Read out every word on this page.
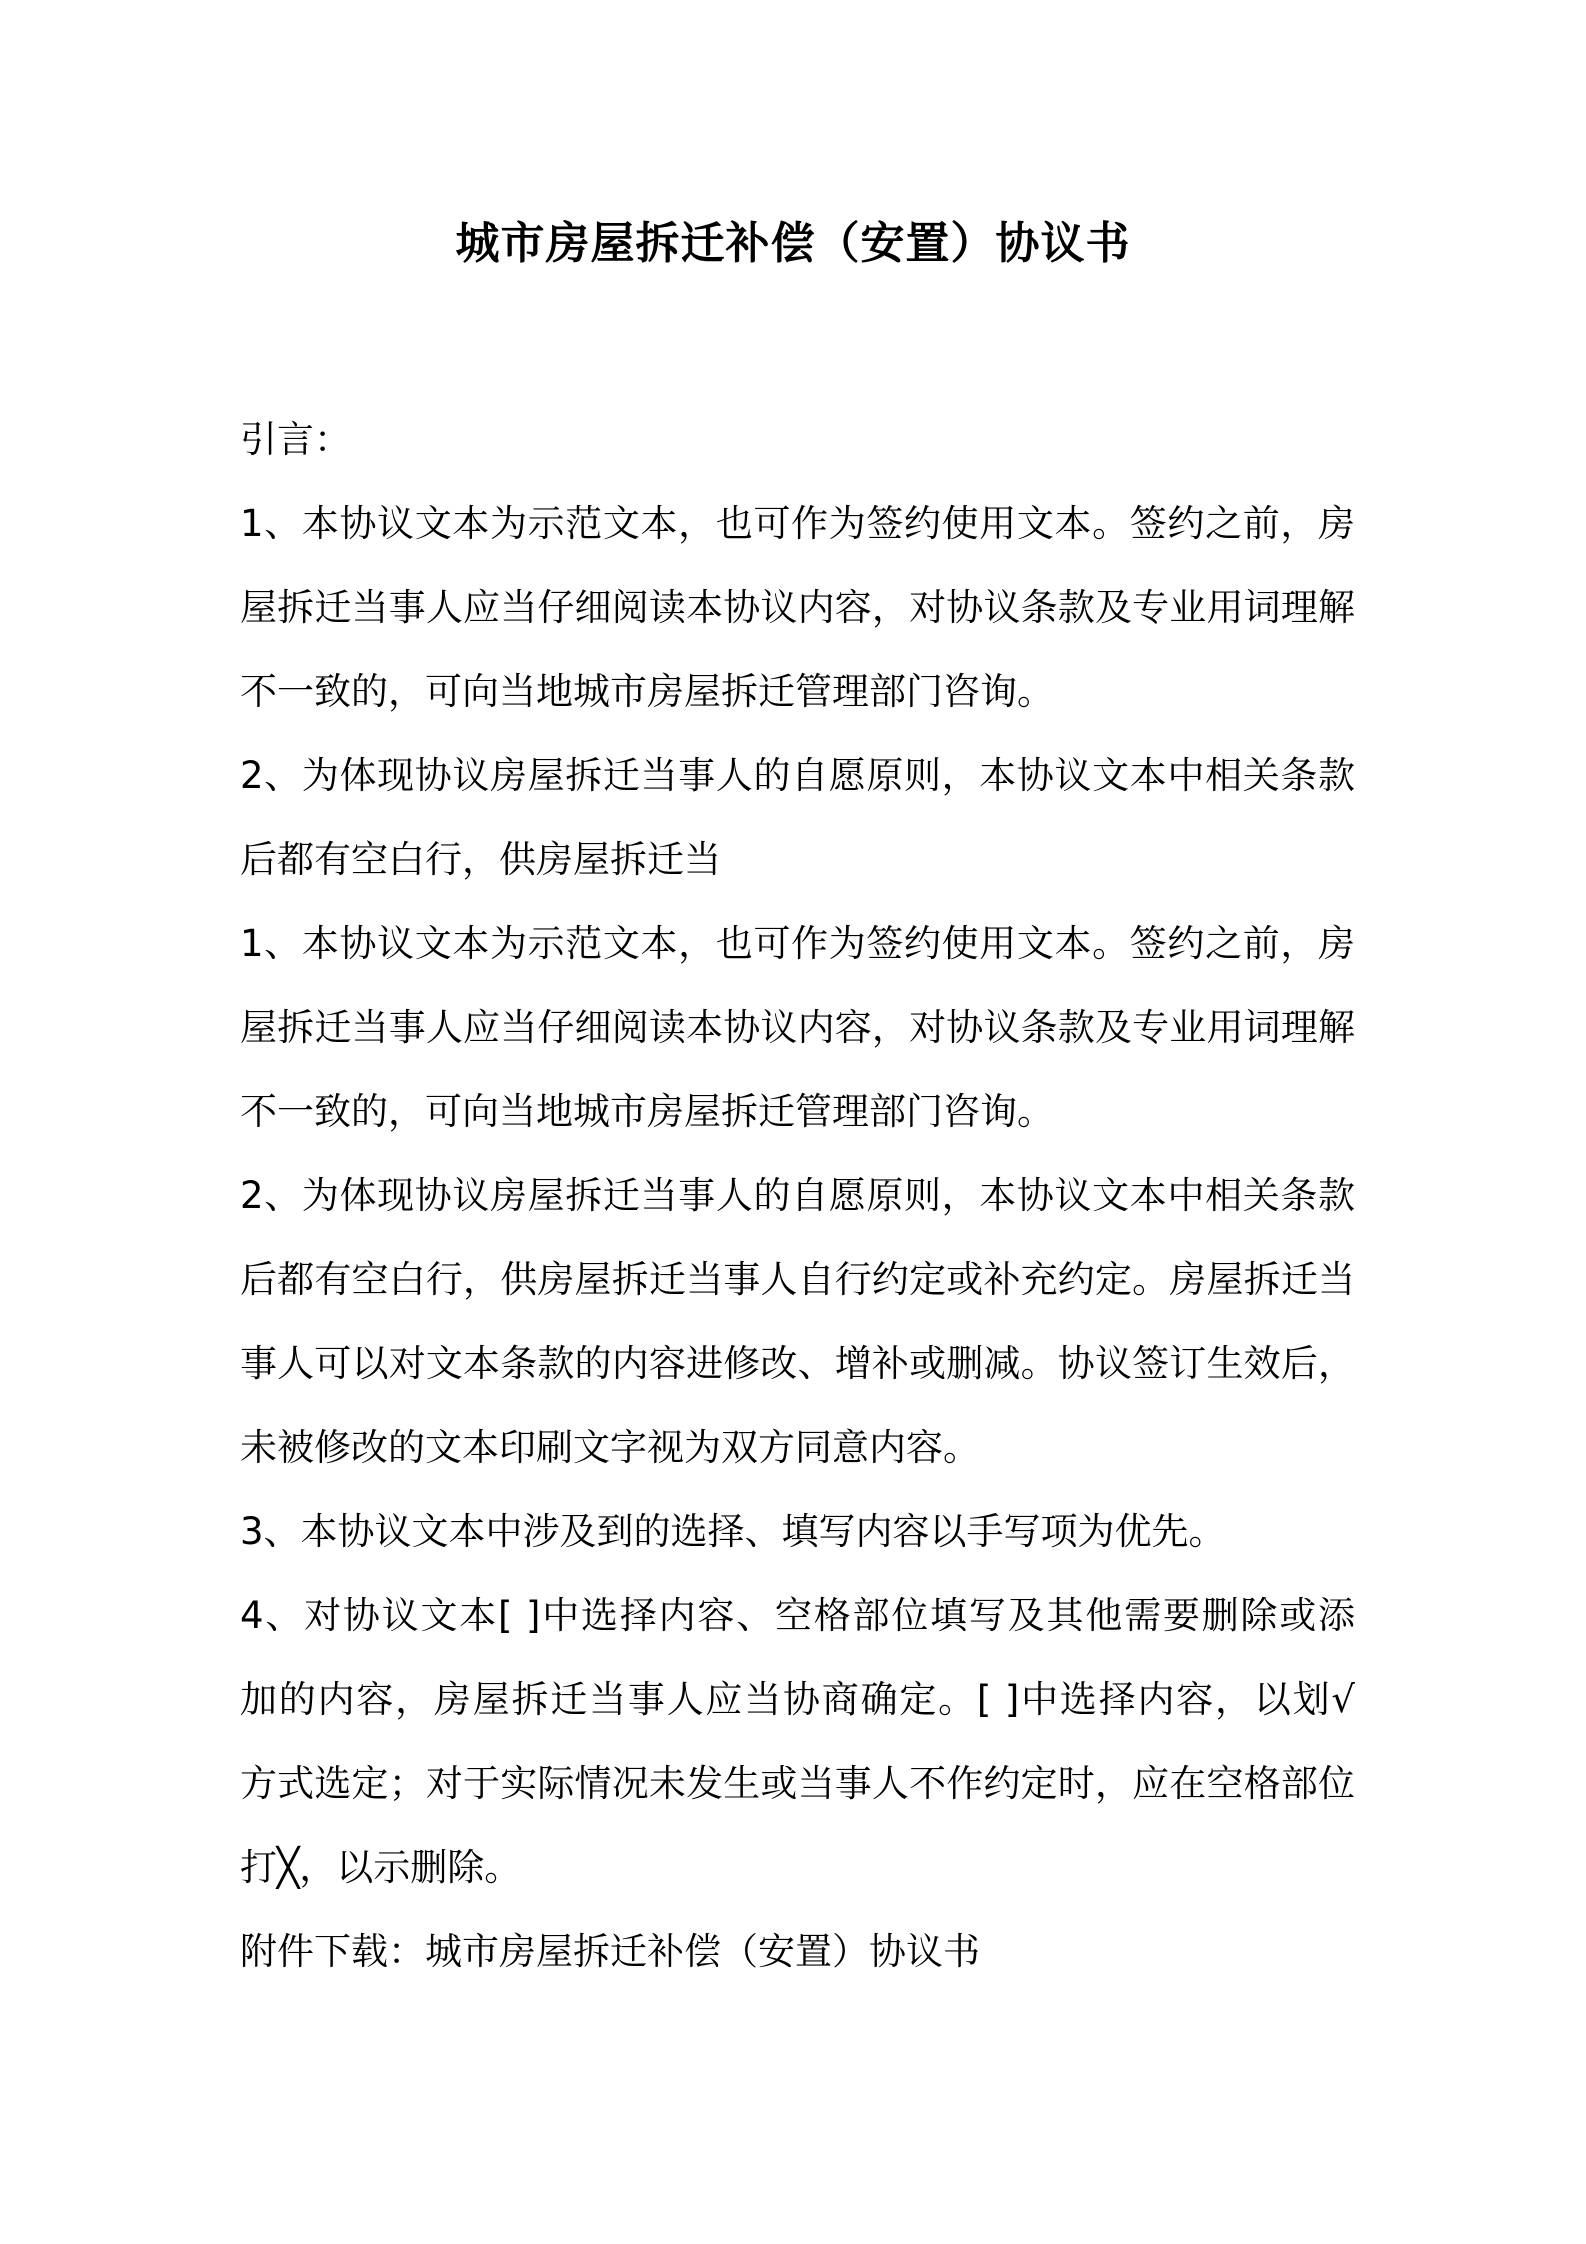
城市房屋拆迁补偿（安置）协议书
引言：
1、本协议文本为示范文本，也可作为签约使用文本。签约之前，房
屋拆迁当事人应当仔细阅读本协议内容，对协议条款及专业用词理解
不一致的，可向当地城市房屋拆迁管理部门咨询。
2、为体现协议房屋拆迁当事人的自愿原则，本协议文本中相关条款
后都有空白行，供房屋拆迁当
1、本协议文本为示范文本，也可作为签约使用文本。签约之前，房
屋拆迁当事人应当仔细阅读本协议内容，对协议条款及专业用词理解
不一致的，可向当地城市房屋拆迁管理部门咨询。
2、为体现协议房屋拆迁当事人的自愿原则，本协议文本中相关条款
后都有空白行，供房屋拆迁当事人自行约定或补充约定。房屋拆迁当
事人可以对文本条款的内容进修改、增补或删减。协议签订生效后，
未被修改的文本印刷文字视为双方同意内容。
3、本协议文本中涉及到的选择、填写内容以手写项为优先。
4、对协议文本[ ]中选择内容、空格部位填写及其他需要删除或添
加的内容，房屋拆迁当事人应当协商确定。[ ]中选择内容，以划√
方式选定；对于实际情况未发生或当事人不作约定时，应在空格部位
打╳，以示删除。
附件下载：城市房屋拆迁补偿（安置）协议书
